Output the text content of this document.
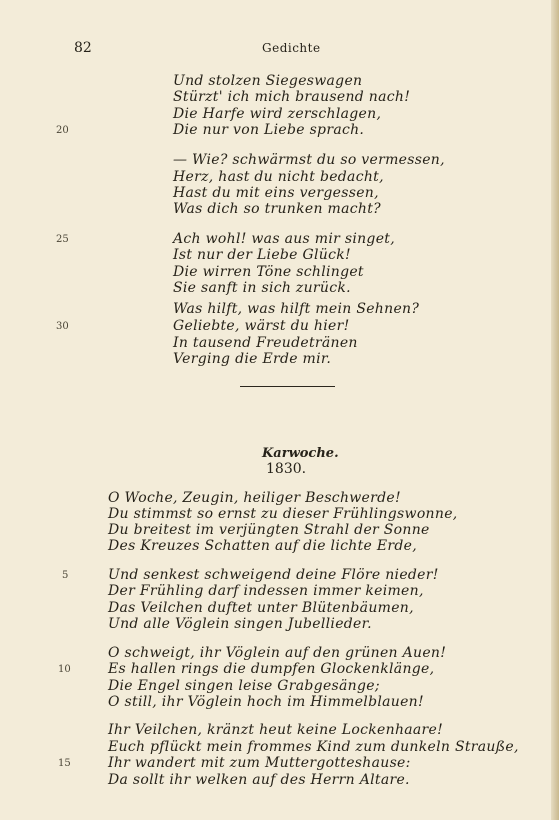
82	Gedichte
Und stolzen Siegeswagen
Stürzt' ich mich brausend nach!
Die Harfe wird zerschlagen,
Die nur von Liebe sprach.
20
— Wie? schwärmst du so vermessen,
Herz, hast du nicht bedacht,
Hast du mit eins vergessen,
Was dich so trunken macht?
Ach wohl! was aus mir singet,
25
Ist nur der Liebe Glück!
Die wirren Töne schlinget
Sie sanft in sich zurück.
Was hilft, was hilft mein Sehnen?
30	Geliebte, wärst du hier!
In tausend Freudetränen
Verging die Erde mir.
Karwoche.
1830.
O Woche, Zeugin, heiliger Beschwerde!
Du stimmst so ernst zu dieser Frühlingswonne,
Du breitest im verjüngten Strahl der Sonne
Des Kreuzes Schatten auf die lichte Erde,
Und senkest schweigend deine Flöre nieder!
5
Der Frühling darf indessen immer keimen,
Das Veilchen duftet unter Blütenbäumen,
Und alle Vöglein singen Jubellieder.
O schweigt, ihr Vöglein auf den grünen Auen!
Es hallen rings die dumpfen Glockenklänge,
10
Die Engel singen leise Grabgesänge;
O still, ihr Vöglein hoch im Himmelblauen!
Ihr Veilchen, kränzt heut keine Lockenhaare!
Euch pflückt mein frommes Kind zum dunkeln Strauße,
Ihr wandert mit zum Muttergotteshause:
15
Da sollt ihr welken auf des Herrn Altare.
